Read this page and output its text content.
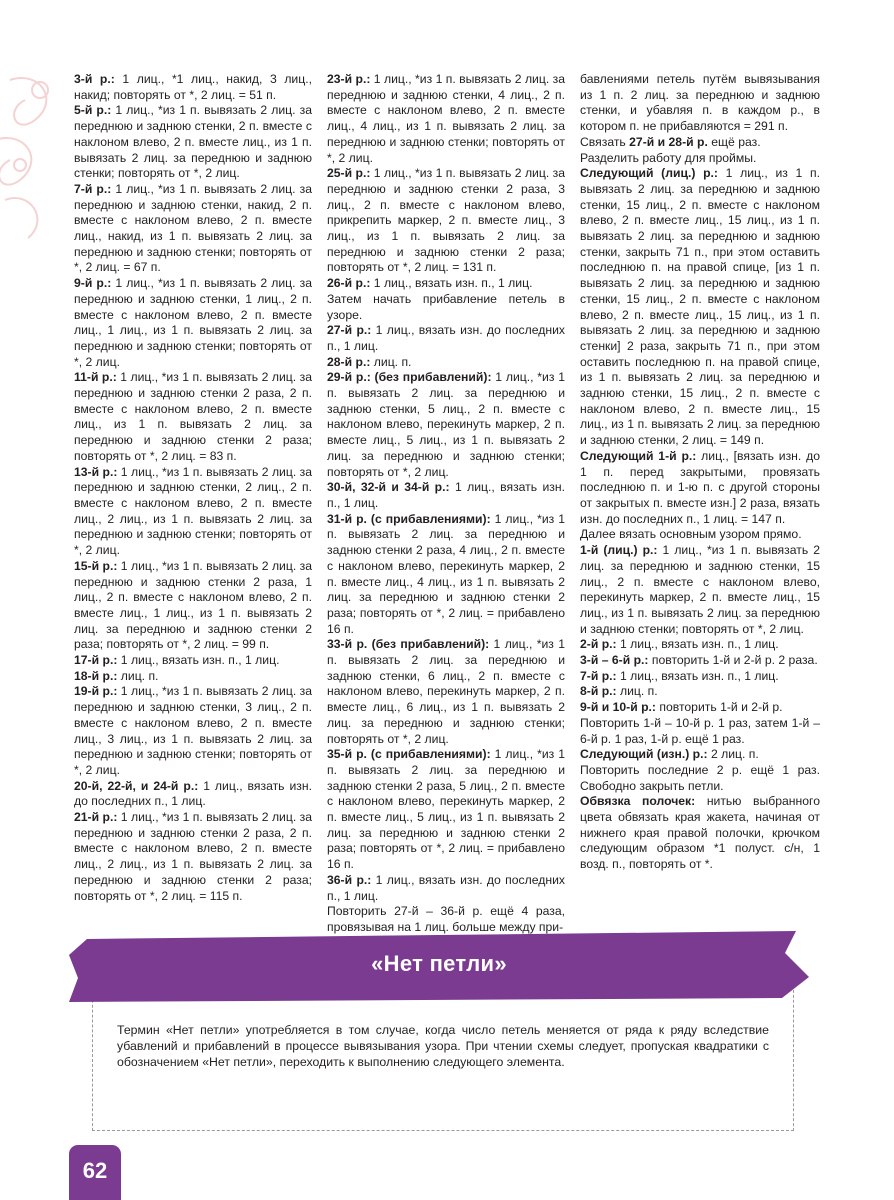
3-й р.: 1 лиц., *1 лиц., накид, 3 лиц., накид; повторять от *, 2 лиц. = 51 п.
5-й р.: 1 лиц., *из 1 п. вывязать 2 лиц. за переднюю и заднюю стенки, 2 п. вместе с наклоном влево, 2 п. вместе лиц., из 1 п. вывязать 2 лиц. за переднюю и заднюю стенки; повторять от *, 2 лиц.
7-й р.: 1 лиц., *из 1 п. вывязать 2 лиц. за переднюю и заднюю стенки, накид, 2 п. вместе с наклоном влево, 2 п. вместе лиц., накид, из 1 п. вывязать 2 лиц. за переднюю и заднюю стенки; повторять от *, 2 лиц. = 67 п.
9-й р.: 1 лиц., *из 1 п. вывязать 2 лиц. за переднюю и заднюю стенки, 1 лиц., 2 п. вместе с наклоном влево, 2 п. вместе лиц., 1 лиц., из 1 п. вывязать 2 лиц. за переднюю и заднюю стенки; повторять от *, 2 лиц.
11-й р.: 1 лиц., *из 1 п. вывязать 2 лиц. за переднюю и заднюю стенки 2 раза, 2 п. вместе с наклоном влево, 2 п. вместе лиц., из 1 п. вывязать 2 лиц. за переднюю и заднюю стенки 2 раза; повторять от *, 2 лиц. = 83 п.
13-й р.: 1 лиц., *из 1 п. вывязать 2 лиц. за переднюю и заднюю стенки, 2 лиц., 2 п. вместе с наклоном влево, 2 п. вместе лиц., 2 лиц., из 1 п. вывязать 2 лиц. за переднюю и заднюю стенки; повторять от *, 2 лиц.
15-й р.: 1 лиц., *из 1 п. вывязать 2 лиц. за переднюю и заднюю стенки 2 раза, 1 лиц., 2 п. вместе с наклоном влево, 2 п. вместе лиц., 1 лиц., из 1 п. вывязать 2 лиц. за переднюю и заднюю стенки 2 раза; повторять от *, 2 лиц. = 99 п.
17-й р.: 1 лиц., вязать изн. п., 1 лиц.
18-й р.: лиц. п.
19-й р.: 1 лиц., *из 1 п. вывязать 2 лиц. за переднюю и заднюю стенки, 3 лиц., 2 п. вместе с наклоном влево, 2 п. вместе лиц., 3 лиц., из 1 п. вывязать 2 лиц. за переднюю и заднюю стенки; повторять от *, 2 лиц.
20-й, 22-й, и 24-й р.: 1 лиц., вязать изн. до последних п., 1 лиц.
21-й р.: 1 лиц., *из 1 п. вывязать 2 лиц. за переднюю и заднюю стенки 2 раза, 2 п. вместе с наклоном влево, 2 п. вместе лиц., 2 лиц., из 1 п. вывязать 2 лиц. за переднюю и заднюю стенки 2 раза; повторять от *, 2 лиц. = 115 п.
23-й р.: 1 лиц., *из 1 п. вывязать 2 лиц. за переднюю и заднюю стенки, 4 лиц., 2 п. вместе с наклоном влево, 2 п. вместе лиц., 4 лиц., из 1 п. вывязать 2 лиц. за переднюю и заднюю стенки; повторять от *, 2 лиц.
25-й р.: 1 лиц., *из 1 п. вывязать 2 лиц. за переднюю и заднюю стенки 2 раза, 3 лиц., 2 п. вместе с наклоном влево, прикрепить маркер, 2 п. вместе лиц., 3 лиц., из 1 п. вывязать 2 лиц. за переднюю и заднюю стенки 2 раза; повторять от *, 2 лиц. = 131 п.
26-й р.: 1 лиц., вязать изн. п., 1 лиц.
Затем начать прибавление петель в узоре.
27-й р.: 1 лиц., вязать изн. до последних п., 1 лиц.
28-й р.: лиц. п.
29-й р.: (без прибавлений): 1 лиц., *из 1 п. вывязать 2 лиц. за переднюю и заднюю стенки, 5 лиц., 2 п. вместе с наклоном влево, перекинуть маркер, 2 п. вместе лиц., 5 лиц., из 1 п. вывязать 2 лиц. за переднюю и заднюю стенки; повторять от *, 2 лиц.
30-й, 32-й и 34-й р.: 1 лиц., вязать изн. п., 1 лиц.
31-й р. (с прибавлениями): 1 лиц., *из 1 п. вывязать 2 лиц. за переднюю и заднюю стенки 2 раза, 4 лиц., 2 п. вместе с наклоном влево, перекинуть маркер, 2 п. вместе лиц., 4 лиц., из 1 п. вывязать 2 лиц. за переднюю и заднюю стенки 2 раза; повторять от *, 2 лиц. = прибавлено 16 п.
33-й р. (без прибавлений): 1 лиц., *из 1 п. вывязать 2 лиц. за переднюю и заднюю стенки, 6 лиц., 2 п. вместе с наклоном влево, перекинуть маркер, 2 п. вместе лиц., 6 лиц., из 1 п. вывязать 2 лиц. за переднюю и заднюю стенки; повторять от *, 2 лиц.
35-й р. (с прибавлениями): 1 лиц., *из 1 п. вывязать 2 лиц. за переднюю и заднюю стенки 2 раза, 5 лиц., 2 п. вместе с наклоном влево, перекинуть маркер, 2 п. вместе лиц., 5 лиц., из 1 п. вывязать 2 лиц. за переднюю и заднюю стенки 2 раза; повторять от *, 2 лиц. = прибавлено 16 п.
36-й р.: 1 лиц., вязать изн. до последних п., 1 лиц.
Повторить 27-й – 36-й р. ещё 4 раза, провязывая на 1 лиц. больше между при-
бавлениями петель путём вывязывания из 1 п. 2 лиц. за переднюю и заднюю стенки, и убавляя п. в каждом р., в котором п. не прибавляются = 291 п.
Связать 27-й и 28-й р. ещё раз.
Разделить работу для проймы.
Следующий (лиц.) р.: 1 лиц., из 1 п. вывязать 2 лиц. за переднюю и заднюю стенки, 15 лиц., 2 п. вместе с наклоном влево, 2 п. вместе лиц., 15 лиц., из 1 п. вывязать 2 лиц. за переднюю и заднюю стенки, закрыть 71 п., при этом оставить последнюю п. на правой спице, [из 1 п. вывязать 2 лиц. за переднюю и заднюю стенки, 15 лиц., 2 п. вместе с наклоном влево, 2 п. вместе лиц., 15 лиц., из 1 п. вывязать 2 лиц. за переднюю и заднюю стенки] 2 раза, закрыть 71 п., при этом оставить последнюю п. на правой спице, из 1 п. вывязать 2 лиц. за переднюю и заднюю стенки, 15 лиц., 2 п. вместе с наклоном влево, 2 п. вместе лиц., 15 лиц., из 1 п. вывязать 2 лиц. за переднюю и заднюю стенки, 2 лиц. = 149 п.
Следующий 1-й р.: лиц., [вязать изн. до 1 п. перед закрытыми, провязать последнюю п. и 1-ю п. с другой стороны от закрытых п. вместе изн.] 2 раза, вязать изн. до последних п., 1 лиц. = 147 п.
Далее вязать основным узором прямо.
1-й (лиц.) р.: 1 лиц., *из 1 п. вывязать 2 лиц. за переднюю и заднюю стенки, 15 лиц., 2 п. вместе с наклоном влево, перекинуть маркер, 2 п. вместе лиц., 15 лиц., из 1 п. вывязать 2 лиц. за переднюю и заднюю стенки; повторять от *, 2 лиц.
2-й р.: 1 лиц., вязать изн. п., 1 лиц.
3-й – 6-й р.: повторить 1-й и 2-й р. 2 раза.
7-й р.: 1 лиц., вязать изн. п., 1 лиц.
8-й р.: лиц. п.
9-й и 10-й р.: повторить 1-й и 2-й р.
Повторить 1-й – 10-й р. 1 раз, затем 1-й – 6-й р. 1 раз, 1-й р. ещё 1 раз.
Следующий (изн.) р.: 2 лиц. п.
Повторить последние 2 р. ещё 1 раз. Свободно закрыть петли.
Обвязка полочек: нитью выбранного цвета обвязать края жакета, начиная от нижнего края правой полочки, крючком следующим образом *1 полуст. с/н, 1 возд. п., повторять от *.
«Нет петли»
Термин «Нет петли» употребляется в том случае, когда число петель меняется от ряда к ряду вследствие убавлений и прибавлений в процессе вывязывания узора. При чтении схемы следует, пропуская квадратики с обозначением «Нет петли», переходить к выполнению следующего элемента.
62
